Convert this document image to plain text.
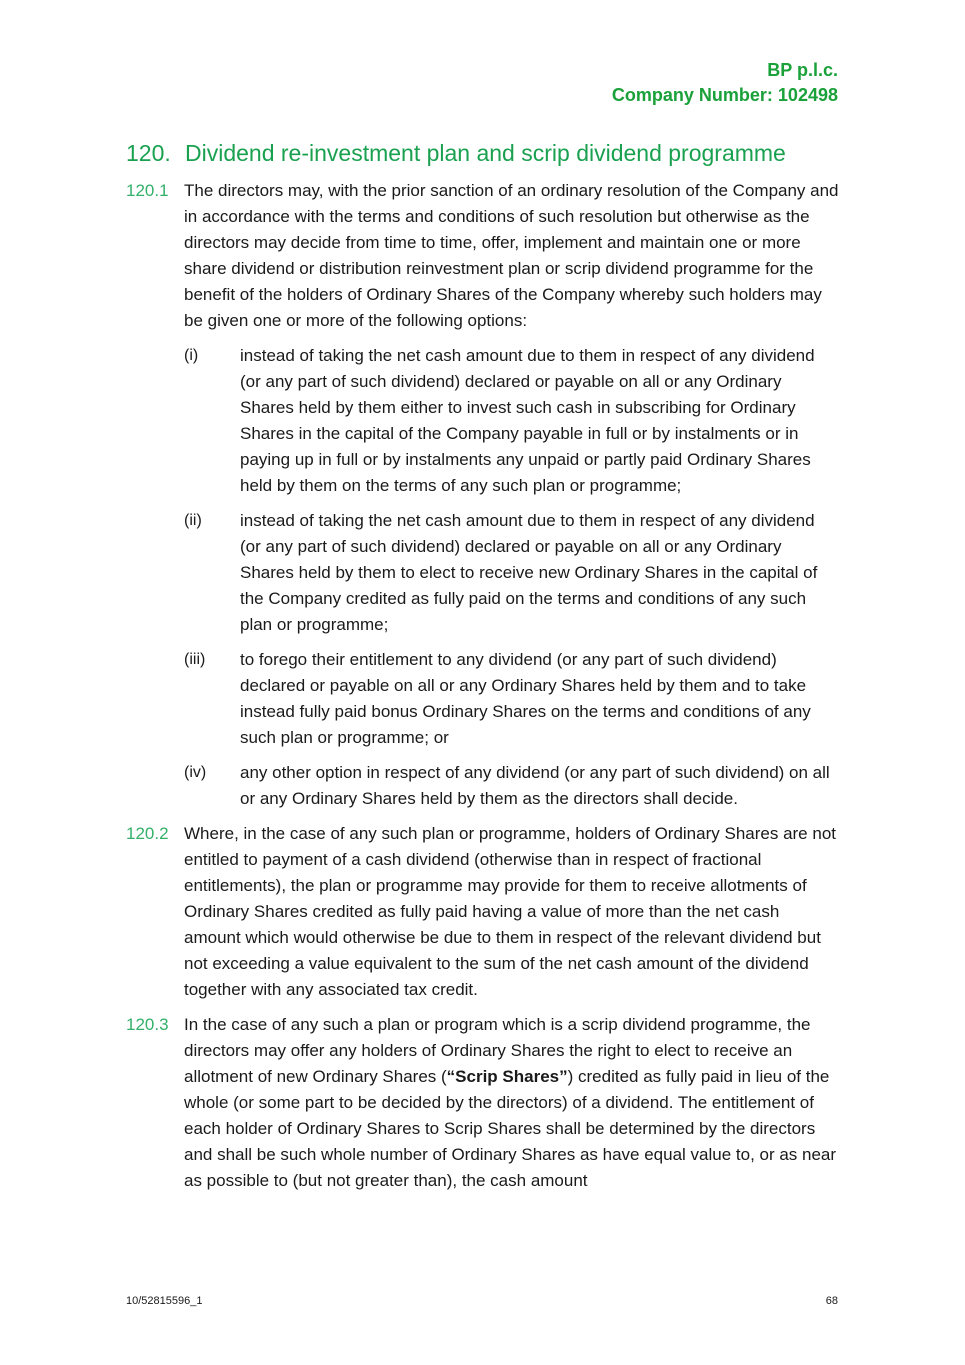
BP p.l.c.
Company Number: 102498
120. Dividend re-investment plan and scrip dividend programme
120.1 The directors may, with the prior sanction of an ordinary resolution of the Company and in accordance with the terms and conditions of such resolution but otherwise as the directors may decide from time to time, offer, implement and maintain one or more share dividend or distribution reinvestment plan or scrip dividend programme for the benefit of the holders of Ordinary Shares of the Company whereby such holders may be given one or more of the following options:

(i)	instead of taking the net cash amount due to them in respect of any dividend (or any part of such dividend) declared or payable on all or any Ordinary Shares held by them either to invest such cash in subscribing for Ordinary Shares in the capital of the Company payable in full or by instalments or in paying up in full or by instalments any unpaid or partly paid Ordinary Shares held by them on the terms of any such plan or programme;
(ii)	instead of taking the net cash amount due to them in respect of any dividend (or any part of such dividend) declared or payable on all or any Ordinary Shares held by them to elect to receive new Ordinary Shares in the capital of the Company credited as fully paid on the terms and conditions of any such plan or programme;
(iii)	to forego their entitlement to any dividend (or any part of such dividend) declared or payable on all or any Ordinary Shares held by them and to take instead fully paid bonus Ordinary Shares on the terms and conditions of any such plan or programme; or
(iv)	any other option in respect of any dividend (or any part of such dividend) on all or any Ordinary Shares held by them as the directors shall decide.
120.2 Where, in the case of any such plan or programme, holders of Ordinary Shares are not entitled to payment of a cash dividend (otherwise than in respect of fractional entitlements), the plan or programme may provide for them to receive allotments of Ordinary Shares credited as fully paid having a value of more than the net cash amount which would otherwise be due to them in respect of the relevant dividend but not exceeding a value equivalent to the sum of the net cash amount of the dividend together with any associated tax credit.

120.3 In the case of any such a plan or program which is a scrip dividend programme, the directors may offer any holders of Ordinary Shares the right to elect to receive an allotment of new Ordinary Shares (“Scrip Shares”) credited as fully paid in lieu of the whole (or some part to be decided by the directors) of a dividend. The entitlement of each holder of Ordinary Shares to Scrip Shares shall be determined by the directors and shall be such whole number of Ordinary Shares as have equal value to, or as near as possible to (but not greater than), the cash amount

10/52815596_1	68
